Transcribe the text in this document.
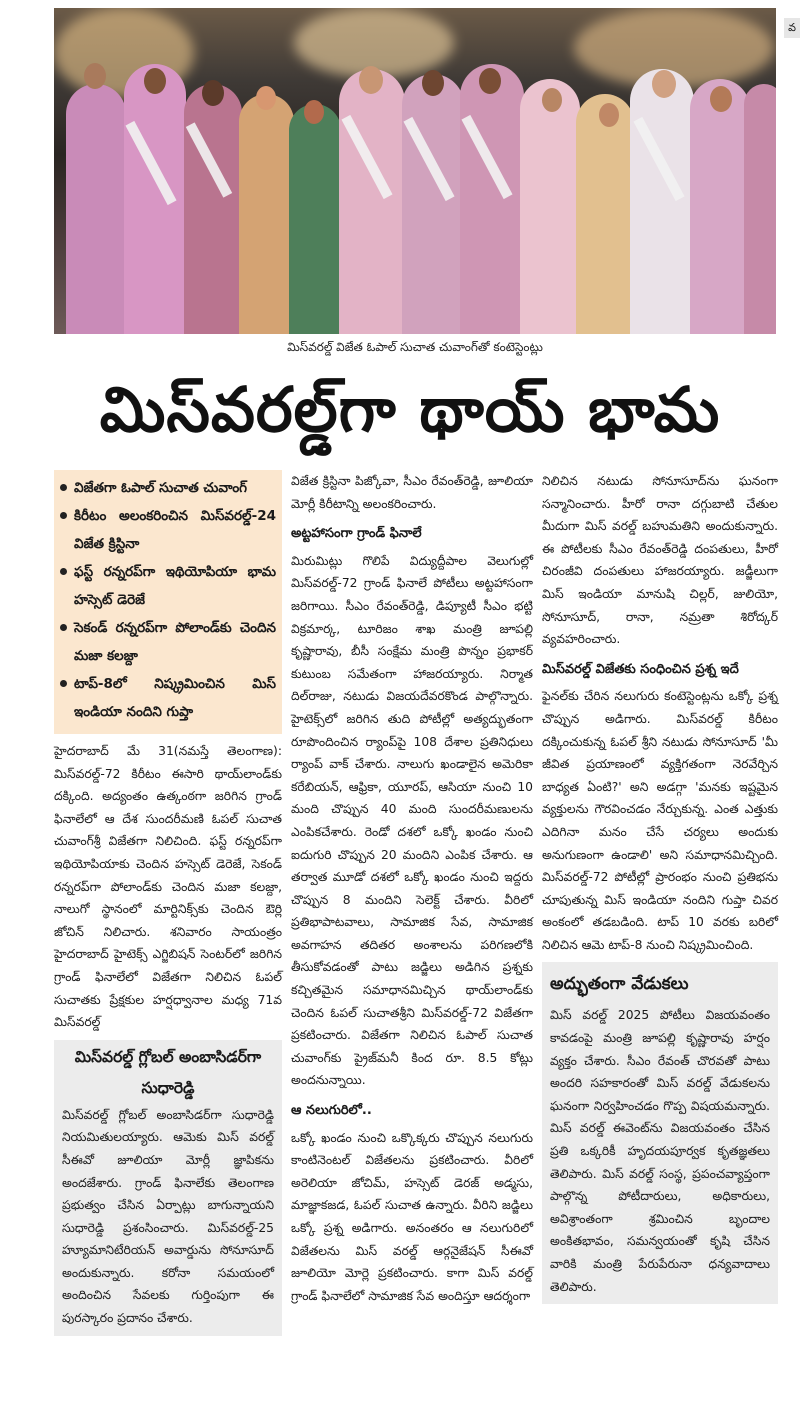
వ
మిస్‌వరల్డ్ విజేత ఓపాల్ సుచాత చువాంగ్‌తో కంటెస్టెంట్లు
మిస్‌వరల్డ్‌గా థాయ్ భామ
విజేతగా ఓపాల్ సుచాత చువాంగ్
కిరీటం అలంకరించిన మిస్‌వరల్డ్-24 విజేత క్రిస్టినా
ఫస్ట్ రన్నరప్‌గా ఇథియోపియా భామ హస్సెట్ డెరెజే
సెకండ్ రన్నరప్‌గా పోలాండ్‌కు చెందిన మజా కలజ్దా
టాప్-8లో నిష్క్రమించిన మిస్ ఇండియా నందిని గుప్తా

హైదరాబాద్ మే 31(నమస్తే తెలంగాణ): మిస్‌వరల్డ్-72 కిరీటం ఈసారి థాయ్‌లాండ్‌కు దక్కింది. అద్యంతం ఉత్కంఠగా జరిగిన గ్రాండ్ ఫినాలేలో ఆ దేశ సుందరీమణి ఓపల్ సుచాత చువాంగ్‌శ్రీ విజేతగా నిలిచింది. ఫస్ట్ రన్నరప్‌గా ఇథియోపియాకు చెందిన హస్సెట్ డెరెజే, సెకండ్ రన్నరప్‌గా పోలాండ్‌కు చెందిన మజా కలజ్దా, నాలుగో స్థానంలో మార్టినిక్స్‌కు చెందిన ఔర్లి జోచిన్ నిలిచారు. శనివారం సాయంత్రం హైదరాబాద్ హైటెక్స్ ఎగ్జిబిషన్ సెంటర్‌లో జరిగిన గ్రాండ్ ఫినాలేలో విజేతగా నిలిచిన ఓపల్ సుచాతకు ప్రేక్షకుల హర్షధ్వానాల మధ్య 71వ మిస్‌వరల్డ్

మిస్‌వరల్డ్ గ్లోబల్ అంబాసిడర్‌గా సుధారెడ్డి
మిస్‌వరల్డ్ గ్లోబల్ అంబాసిడర్‌గా సుధారెడ్డి నియమితులయ్యారు. ఆమెకు మిస్ వరల్డ్ సీఈవో జూలియా మోర్లీ జ్ఞాపికను అందజేశారు. గ్రాండ్ ఫినాలేకు తెలంగాణ ప్రభుత్వం చేసిన ఏర్పాట్లు బాగున్నాయని సుధారెడ్డి ప్రశంసించారు. మిస్‌వరల్డ్-25 హ్యూమానిటేరియన్ అవార్డును సోనూసూద్ అందుకున్నారు. కరోనా సమయంలో అందించిన సేవలకు గుర్తింపుగా ఈ పురస్కారం ప్రదానం చేశారు.

విజేత క్రిస్టినా పిజ్కోవా, సీఎం రేవంత్‌రెడ్డి, జూలియా మోర్లీ కిరీటాన్ని అలంకరించారు.

అట్టహాసంగా గ్రాండ్ ఫినాలే

మిరుమిట్లు గొలిపే విద్యుద్దీపాల వెలుగుల్లో మిస్‌వరల్డ్-72 గ్రాండ్ ఫినాలే పోటీలు అట్టహాసంగా జరిగాయి. సీఎం రేవంత్‌రెడ్డి, డిప్యూటీ సీఎం భట్టి విక్రమార్క, టూరిజం శాఖ మంత్రి జూపల్లి కృష్ణారావు, బీసీ సంక్షేమ మంత్రి పొన్నం ప్రభాకర్ కుటుంబ సమేతంగా హాజరయ్యారు. నిర్మాత దిల్‌రాజు, నటుడు విజయదేవరకొండ పాల్గొన్నారు. హైటెక్స్‌లో జరిగిన తుది పోటీల్లో అత్యద్భుతంగా రూపొందించిన ర్యాంప్‌పై 108 దేశాల ప్రతినిధులు ర్యాంప్ వాక్ చేశారు. నాలుగు ఖండాలైన అమెరికా కరేబియన్, ఆఫ్రికా, యూరప్, ఆసియా నుంచి 10 మంది చొప్పున 40 మంది సుందరీమణులను ఎంపికచేశారు. రెండో దశలో ఒక్కో ఖండం నుంచి ఐదుగురి చొప్పున 20 మందిని ఎంపిక చేశారు. ఆ తర్వాత మూడో దశలో ఒక్కో ఖండం నుంచి ఇద్దరు చొప్పున 8 మందిని సెలెక్ట్ చేశారు. వీరిలో ప్రతిభాపాటవాలు, సామాజిక సేవ, సామాజిక అవగాహన తదితర అంశాలను పరిగణలోకి తీసుకోవడంతో పాటు జడ్జిలు అడిగిన ప్రశ్నకు కచ్చితమైన సమాధానమిచ్చిన థాయ్‌లాండ్‌కు చెందిన ఓపల్ సుచాతశ్రీని మిస్‌వరల్డ్-72 విజేతగా ప్రకటించారు. విజేతగా నిలిచిన ఓపాల్ సుచాత చువాంగ్‌కు ప్రైజ్‌మనీ కింద రూ. 8.5 కోట్లు అందనున్నాయి.

ఆ నలుగురిలో..

ఒక్కో ఖండం నుంచి ఒక్కొక్కరు చొప్పున నలుగురు కాంటినెంటల్ విజేతలను ప్రకటించారు. వీరిలో అరెలియా జోచిమ్, హస్సెట్ డెరజ్ అడ్మసు, మాజ్ఞాకజడ, ఓపల్ సుచాత ఉన్నారు. వీరిని జడ్జిలు ఒక్కో ప్రశ్న అడిగారు. అనంతరం ఆ నలుగురిలో విజేతలను మిస్ వరల్డ్ ఆర్గనైజేషన్ సీఈవో జూలియో మోర్లె ప్రకటించారు. కాగా మిస్ వరల్డ్ గ్రాండ్ ఫినాలేలో సామాజిక సేవ అందిస్తూ ఆదర్శంగా

నిలిచిన నటుడు సోనూసూద్‌ను ఘనంగా సన్మానించారు. హీరో రానా దగ్గుబాటి చేతుల మీదుగా మిస్ వరల్డ్ బహుమతిని అందుకున్నారు. ఈ పోటీలకు సీఎం రేవంత్‌రెడ్డి దంపతులు, హీరో చిరంజీవి దంపతులు హాజరయ్యారు. జడ్జీలుగా మిస్ ఇండియా మానుషి చిల్లర్, జులియో, సోనూసూద్, రానా, నమ్రతా శిరోద్కర్ వ్యవహరించారు.

మిస్‌వరల్డ్ విజేతకు సంధించిన ప్రశ్న ఇదే

ఫైనల్‌కు చేరిన నలుగురు కంటెస్టెంట్లను ఒక్కో ప్రశ్న చొప్పున అడిగారు. మిస్‌వరల్డ్ కిరీటం దక్కించుకున్న ఓపల్ శ్రీని నటుడు సోనూసూద్ 'మీ జీవిత ప్రయాణంలో వ్యక్తిగతంగా నెరవేర్చిన బాధ్యత ఏంటి?' అని అడగ్గా 'మనకు ఇష్టమైన వ్యక్తులను గౌరవించడం నేర్చుకున్న. ఎంత ఎత్తుకు ఎదిగినా మనం చేసే చర్యలు అందుకు అనుగుణంగా ఉండాలి' అని సమాధానమిచ్చింది. మిస్‌వరల్డ్-72 పోటీల్లో ప్రారంభం నుంచి ప్రతిభను చూపుతున్న మిస్ ఇండియా నందిని గుప్తా చివర అంకంలో తడబడింది. టాప్ 10 వరకు బరిలో నిలిచిన ఆమె టాప్-8 నుంచి నిష్క్రమించింది.

అద్భుతంగా వేడుకలు
మిస్ వరల్డ్ 2025 పోటీలు విజయవంతం కావడంపై మంత్రి జూపల్లి కృష్ణారావు హర్షం వ్యక్తం చేశారు. సీఎం రేవంత్ చొరవతో పాటు అందరి సహకారంతో మిస్ వరల్డ్ వేడుకలను ఘనంగా నిర్వహించడం గొప్ప విషయమన్నారు. మిస్ వరల్డ్ ఈవెంట్‌ను విజయవంతం చేసిన ప్రతి ఒక్కరికీ హృదయపూర్వక కృతజ్ఞతలు తెలిపారు. మిస్ వరల్డ్ సంస్థ, ప్రపంచవ్యాప్తంగా పాల్గొన్న పోటీదారులు, అధికారులు, అవిశ్రాంతంగా శ్రమించిన బృందాల అంకితభావం, సమన్వయంతో కృషి చేసిన వారికి మంత్రి పేరుపేరునా ధన్యవాదాలు తెలిపారు.
